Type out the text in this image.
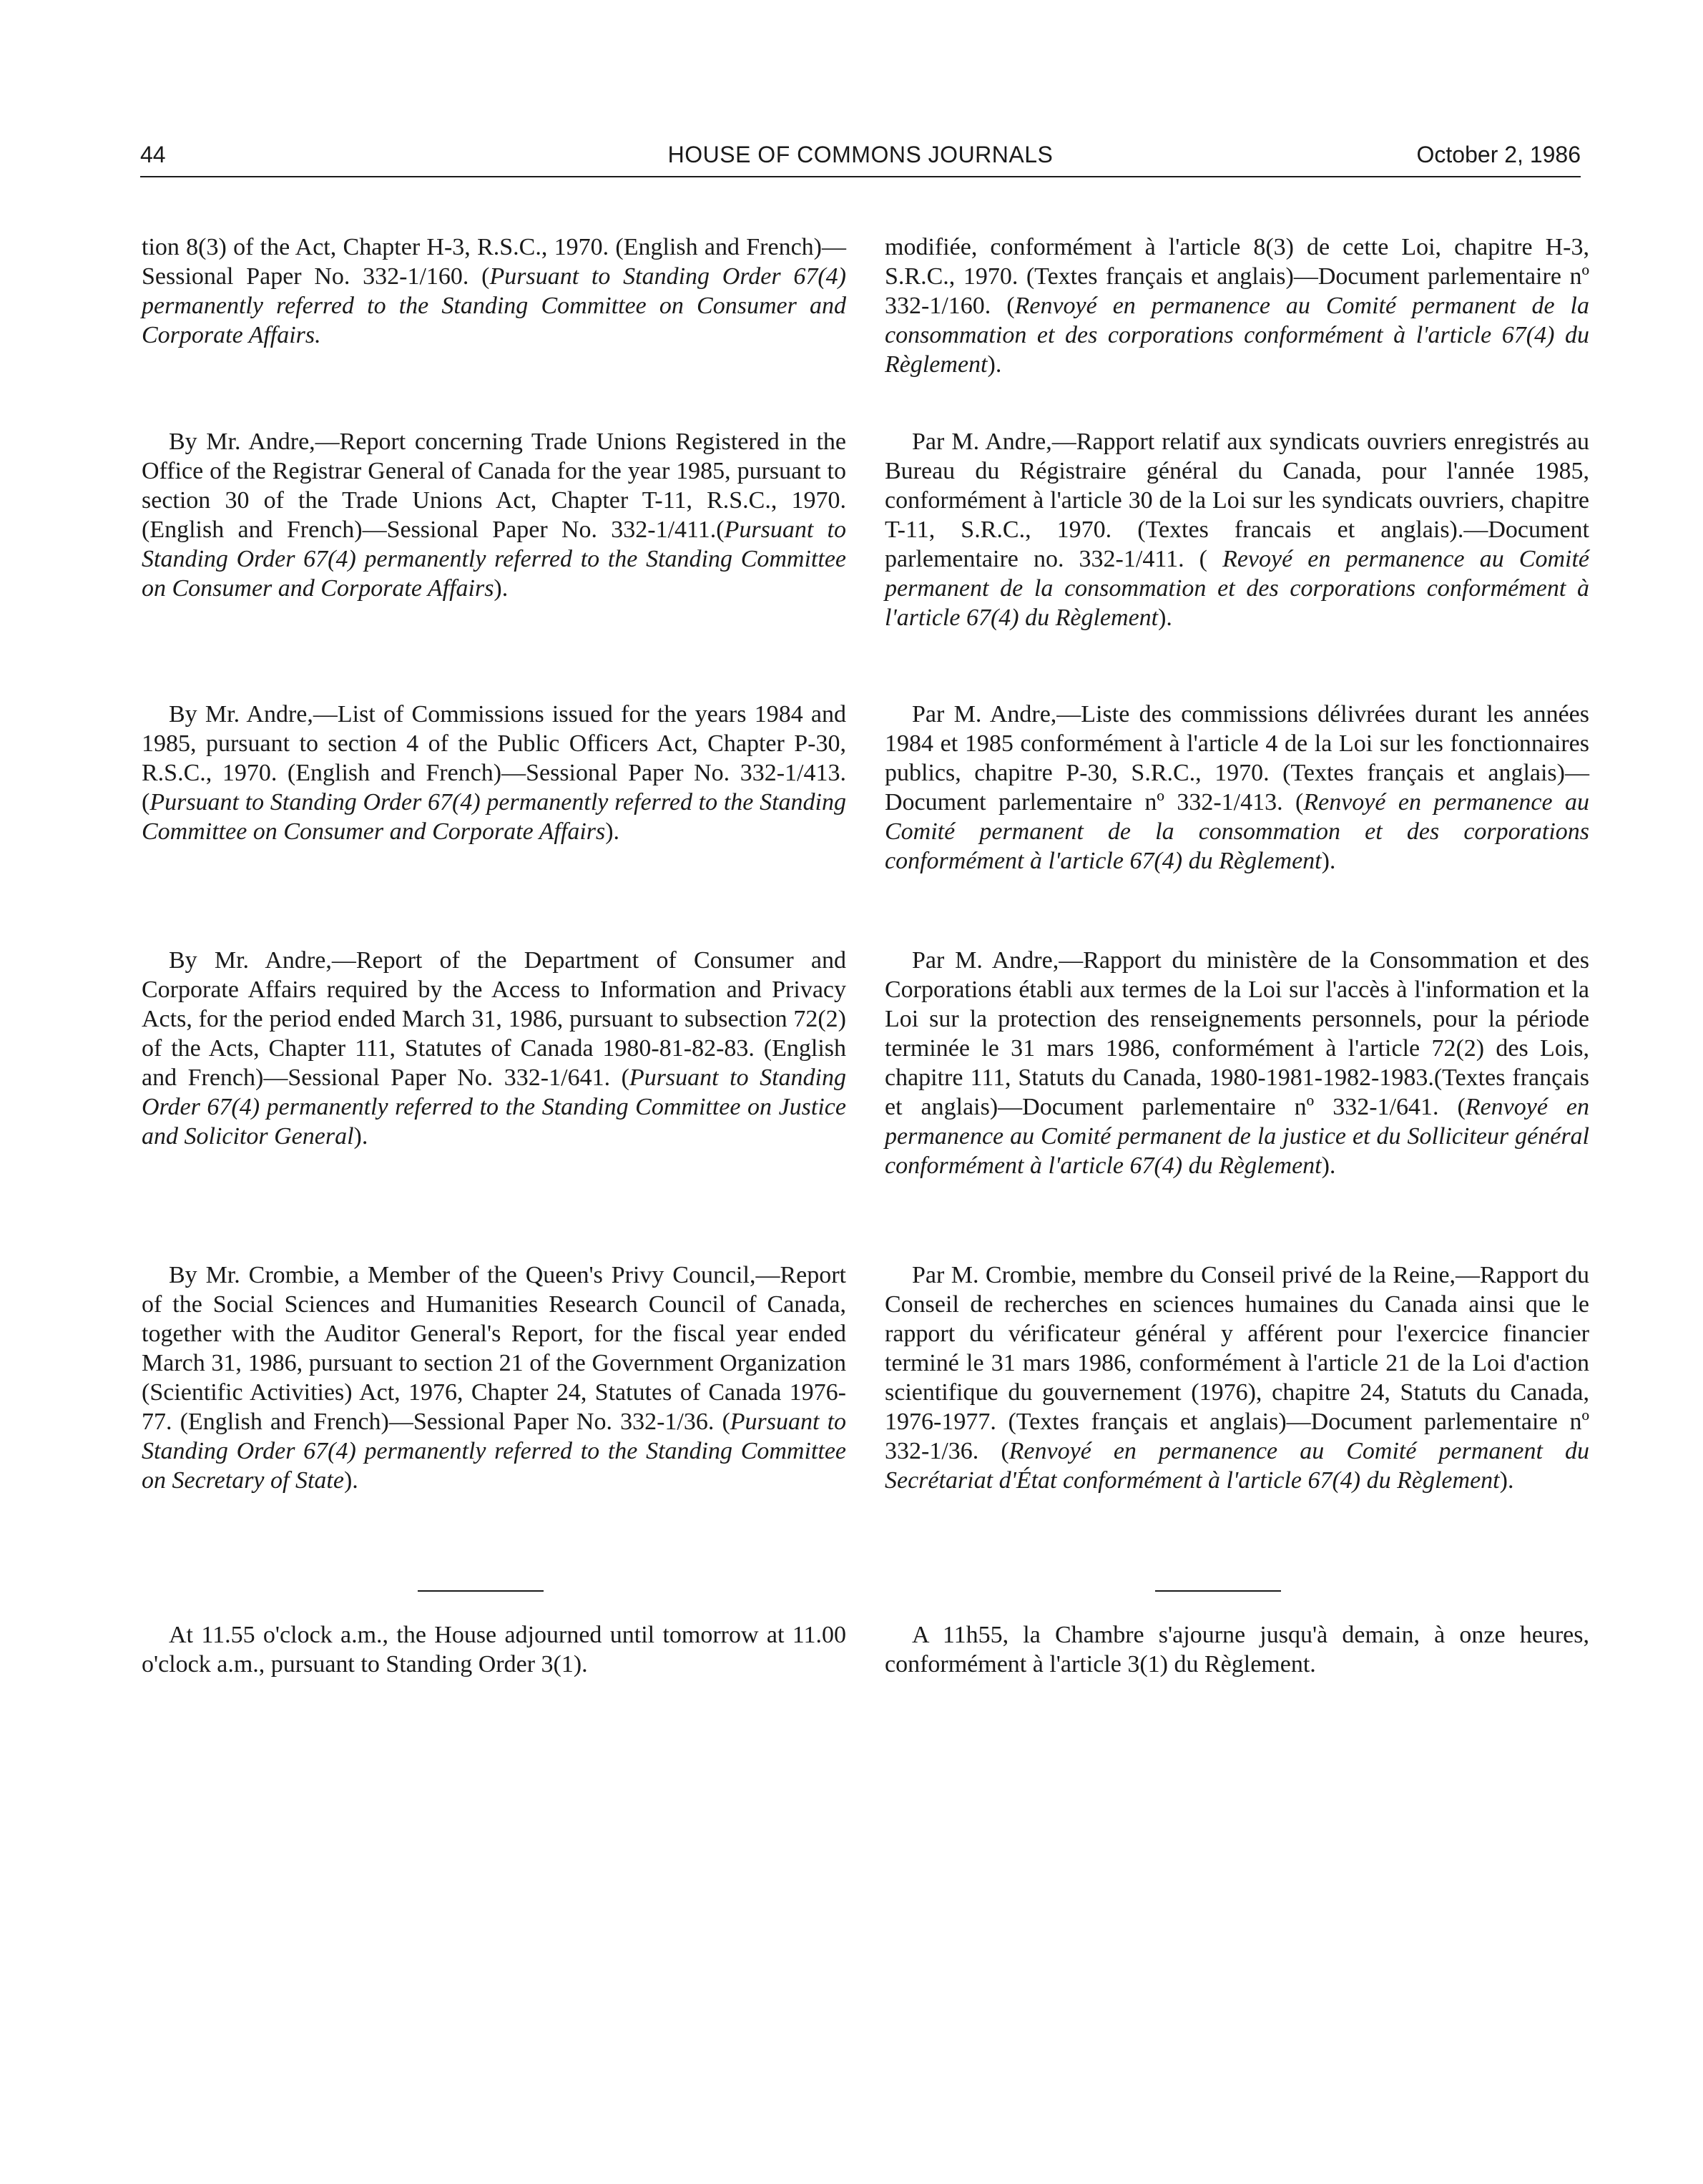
44	HOUSE OF COMMONS JOURNALS	October 2, 1986

tion 8(3) of the Act, Chapter H-3, R.S.C., 1970. (English and French)—Sessional Paper No. 332-1/160. (Pursuant to Standing Order 67(4) permanently referred to the Standing Committee on Consumer and Corporate Affairs.

By Mr. Andre,—Report concerning Trade Unions Registered in the Office of the Registrar General of Canada for the year 1985, pursuant to section 30 of the Trade Unions Act, Chapter T-11, R.S.C., 1970. (English and French)—Sessional Paper No. 332-1/411.(Pursuant to Standing Order 67(4) permanently referred to the Standing Committee on Consumer and Corporate Affairs).

By Mr. Andre,—List of Commissions issued for the years 1984 and 1985, pursuant to section 4 of the Public Officers Act, Chapter P-30, R.S.C., 1970. (English and French)—Sessional Paper No. 332-1/413. (Pursuant to Standing Order 67(4) permanently referred to the Standing Committee on Consumer and Corporate Affairs).

By Mr. Andre,—Report of the Department of Consumer and Corporate Affairs required by the Access to Information and Privacy Acts, for the period ended March 31, 1986, pursuant to subsection 72(2) of the Acts, Chapter 111, Statutes of Canada 1980-81-82-83. (English and French)—Sessional Paper No. 332-1/641. (Pursuant to Standing Order 67(4) permanently referred to the Standing Committee on Justice and Solicitor General).

By Mr. Crombie, a Member of the Queen's Privy Council,—Report of the Social Sciences and Humanities Research Council of Canada, together with the Auditor General's Report, for the fiscal year ended March 31, 1986, pursuant to section 21 of the Government Organization (Scientific Activities) Act, 1976, Chapter 24, Statutes of Canada 1976-77. (English and French)—Sessional Paper No. 332-1/36. (Pursuant to Standing Order 67(4) permanently referred to the Standing Committee on Secretary of State).

At 11.55 o'clock a.m., the House adjourned until tomorrow at 11.00 o'clock a.m., pursuant to Standing Order 3(1).

modifiée, conformément à l'article 8(3) de cette Loi, chapitre H-3, S.R.C., 1970. (Textes français et anglais)—Document parlementaire nº 332-1/160. (Renvoyé en permanence au Comité permanent de la consommation et des corporations conformément à l'article 67(4) du Règlement).

Par M. Andre,—Rapport relatif aux syndicats ouvriers enregistrés au Bureau du Régistraire général du Canada, pour l'année 1985, conformément à l'article 30 de la Loi sur les syndicats ouvriers, chapitre T-11, S.R.C., 1970. (Textes francais et anglais).—Document parlementaire no. 332-1/411. ( Revoyé en permanence au Comité permanent de la consommation et des corporations conformément à l'article 67(4) du Règlement).

Par M. Andre,—Liste des commissions délivrées durant les années 1984 et 1985 conformément à l'article 4 de la Loi sur les fonctionnaires publics, chapitre P-30, S.R.C., 1970. (Textes français et anglais)—Document parlementaire nº 332-1/413. (Renvoyé en permanence au Comité permanent de la consommation et des corporations conformément à l'article 67(4) du Règlement).

Par M. Andre,—Rapport du ministère de la Consommation et des Corporations établi aux termes de la Loi sur l'accès à l'information et la Loi sur la protection des renseignements personnels, pour la période terminée le 31 mars 1986, conformément à l'article 72(2) des Lois, chapitre 111, Statuts du Canada, 1980-1981-1982-1983.(Textes français et anglais)—Document parlementaire nº 332-1/641. (Renvoyé en permanence au Comité permanent de la justice et du Solliciteur général conformément à l'article 67(4) du Règlement).

Par M. Crombie, membre du Conseil privé de la Reine,—Rapport du Conseil de recherches en sciences humaines du Canada ainsi que le rapport du vérificateur général y afférent pour l'exercice financier terminé le 31 mars 1986, conformément à l'article 21 de la Loi d'action scientifique du gouvernement (1976), chapitre 24, Statuts du Canada, 1976-1977. (Textes français et anglais)—Document parlementaire nº 332-1/36. (Renvoyé en permanence au Comité permanent du Secrétariat d'État conformément à l'article 67(4) du Règlement).

A 11h55, la Chambre s'ajourne jusqu'à demain, à onze heures, conformément à l'article 3(1) du Règlement.
